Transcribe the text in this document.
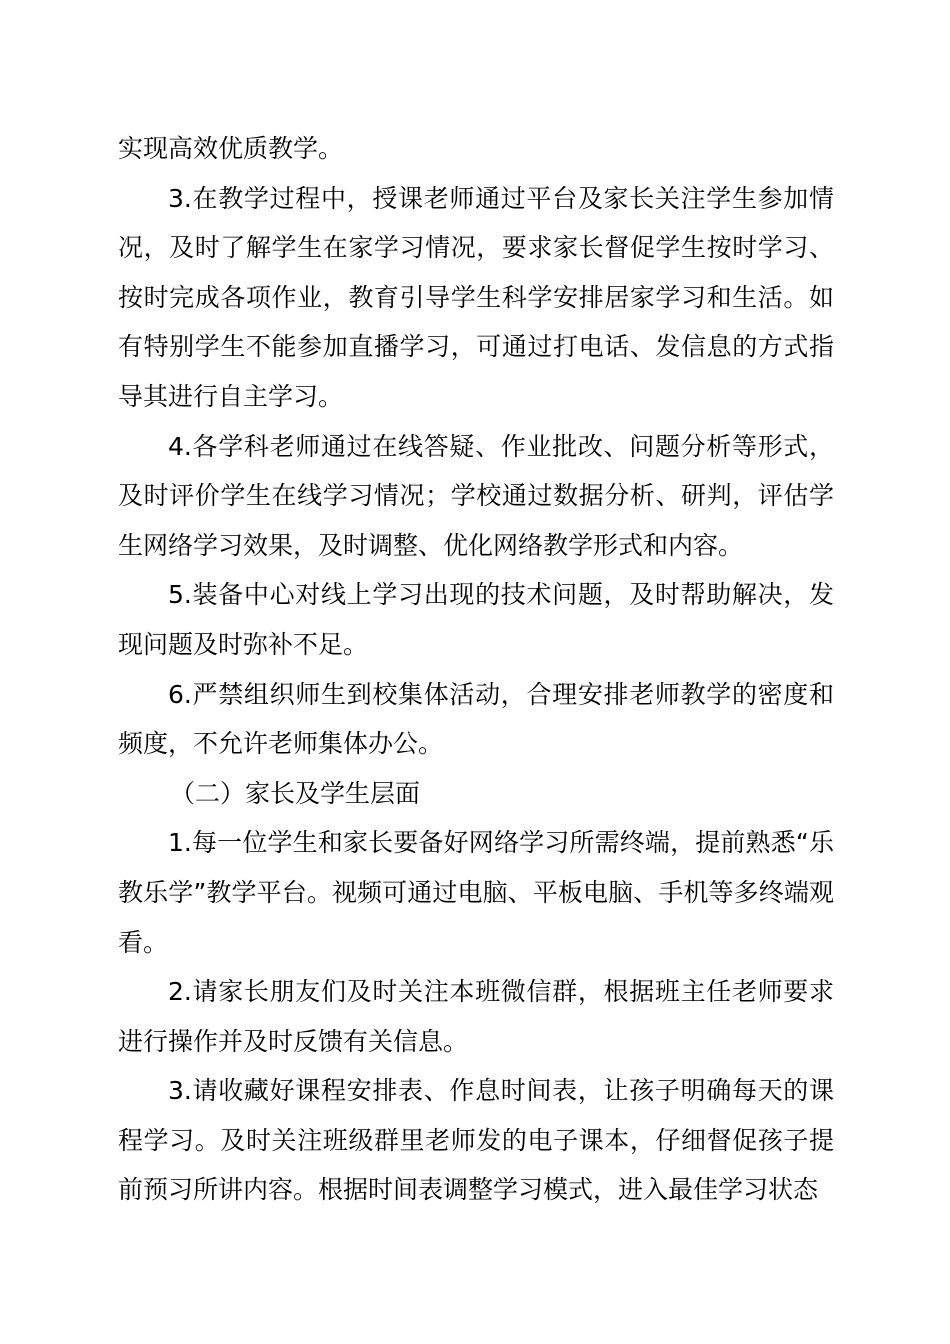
实现高效优质教学。

3.在教学过程中，授课老师通过平台及家长关注学生参加情况，及时了解学生在家学习情况，要求家长督促学生按时学习、按时完成各项作业，教育引导学生科学安排居家学习和生活。如有特别学生不能参加直播学习，可通过打电话、发信息的方式指导其进行自主学习。

4.各学科老师通过在线答疑、作业批改、问题分析等形式，及时评价学生在线学习情况；学校通过数据分析、研判，评估学生网络学习效果，及时调整、优化网络教学形式和内容。

5.装备中心对线上学习出现的技术问题，及时帮助解决，发现问题及时弥补不足。

6.严禁组织师生到校集体活动，合理安排老师教学的密度和频度，不允许老师集体办公。

（二）家长及学生层面

1.每一位学生和家长要备好网络学习所需终端，提前熟悉“乐教乐学”教学平台。视频可通过电脑、平板电脑、手机等多终端观看。

2.请家长朋友们及时关注本班微信群，根据班主任老师要求进行操作并及时反馈有关信息。

3.请收藏好课程安排表、作息时间表，让孩子明确每天的课程学习。及时关注班级群里老师发的电子课本，仔细督促孩子提前预习所讲内容。根据时间表调整学习模式，进入最佳学习状态
